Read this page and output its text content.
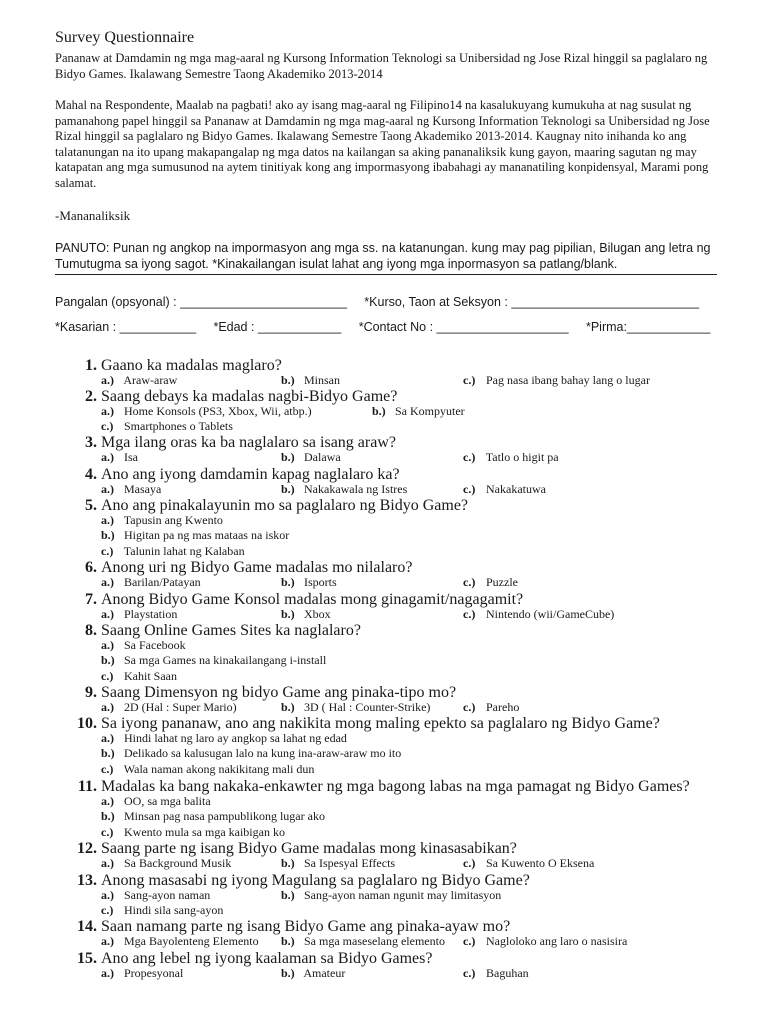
Survey Questionnaire
Pananaw at Damdamin ng mga mag-aaral ng Kursong Information Teknologi sa Unibersidad ng Jose Rizal hinggil sa paglalaro ng Bidyo Games. Ikalawang Semestre Taong Akademiko 2013-2014
Mahal na Respondente, Maalab na pagbati! ako ay isang mag-aaral ng Filipino14 na kasalukuyang kumukuha at nag susulat ng pamanahong papel hinggil sa Pananaw at Damdamin ng mga mag-aaral ng Kursong Information Teknologi sa Unibersidad ng Jose Rizal hinggil sa paglalaro ng Bidyo Games. Ikalawang Semestre Taong Akademiko 2013-2014. Kaugnay nito inihanda ko ang talatanungan na ito upang makapangalap ng mga datos na kailangan sa aking pananaliksik kung gayon, maaring sagutan ng may katapatan ang mga sumusunod na aytem tinitiyak kong ang impormasyong ibabahagi ay mananatiling konpidensyal, Marami pong salamat.
-Mananaliksik
PANUTO: Punan ng angkop na impormasyon ang mga ss. na katanungan. kung may pag pipilian, Bilugan ang letra ng Tumutugma sa iyong sagot. *Kinakailangan isulat lahat ang iyong mga inpormasyon sa patlang/blank.
Pangalan (opsyonal) : ________________________     *Kurso, Taon at Seksyon : ___________________________
*Kasarian : ___________     *Edad : ____________     *Contact No : ___________________     *Pirma:____________
1. Gaano ka madalas maglaro?
a.) Araw-araw	b.) Minsan	c.) Pag nasa ibang bahay lang o lugar
2. Saang debays ka madalas nagbi-Bidyo Game?
a.) Home Konsols (PS3, Xbox, Wii, atbp.)	b.) Sa Kompyuter
c.) Smartphones o Tablets
3. Mga ilang oras ka ba naglalaro sa isang araw?
a.) Isa	b.) Dalawa	c.) Tatlo o higit pa
4. Ano ang iyong damdamin kapag naglalaro ka?
a.) Masaya	b.) Nakakawala ng Istres	c.) Nakakatuwa
5. Ano ang pinakalayunin mo sa paglalaro ng Bidyo Game?
a.) Tapusin ang Kwento
b.) Higitan pa ng mas mataas na iskor
c.) Talunin lahat ng Kalaban
6. Anong uri ng Bidyo Game madalas mo nilalaro?
a.) Barilan/Patayan	b.) Isports	c.) Puzzle
7. Anong Bidyo Game Konsol madalas mong ginagamit/nagagamit?
a.) Playstation	b.) Xbox	c.) Nintendo (wii/GameCube)
8. Saang Online Games Sites ka naglalaro?
a.) Sa Facebook
b.) Sa mga Games na kinakailangang i-install
c.) Kahit Saan
9. Saang Dimensyon ng bidyo Game ang pinaka-tipo mo?
a.) 2D (Hal : Super Mario)	b.) 3D ( Hal : Counter-Strike)	c.) Pareho
10. Sa iyong pananaw, ano ang nakikita mong maling epekto sa paglalaro ng Bidyo Game?
a.) Hindi lahat ng laro ay angkop sa lahat ng edad
b.) Delikado sa kalusugan lalo na kung ina-araw-araw mo ito
c.) Wala naman akong nakikitang mali dun
11. Madalas ka bang nakaka-enkawter ng mga bagong labas na mga pamagat ng Bidyo Games?
a.) OO, sa mga balita
b.) Minsan pag nasa pampublikong lugar ako
c.) Kwento mula sa mga kaibigan ko
12. Saang parte ng isang Bidyo Game madalas mong kinasasabikan?
a.) Sa Background Musik	b.) Sa Ispesyal Effects	c.) Sa Kuwento O Eksena
13. Anong masasabi ng iyong Magulang sa paglalaro ng Bidyo Game?
a.) Sang-ayon naman	b.) Sang-ayon naman ngunit may limitasyon
c.) Hindi sila sang-ayon
14. Saan namang parte ng isang Bidyo Game ang pinaka-ayaw mo?
a.) Mga Bayolenteng Elemento b.) Sa mga maseselang elemento c.) Nagloloko ang laro o nasisira
15. Ano ang lebel ng iyong kaalaman sa Bidyo Games?
a.) Propesyonal	b.) Amateur	c.) Baguhan
